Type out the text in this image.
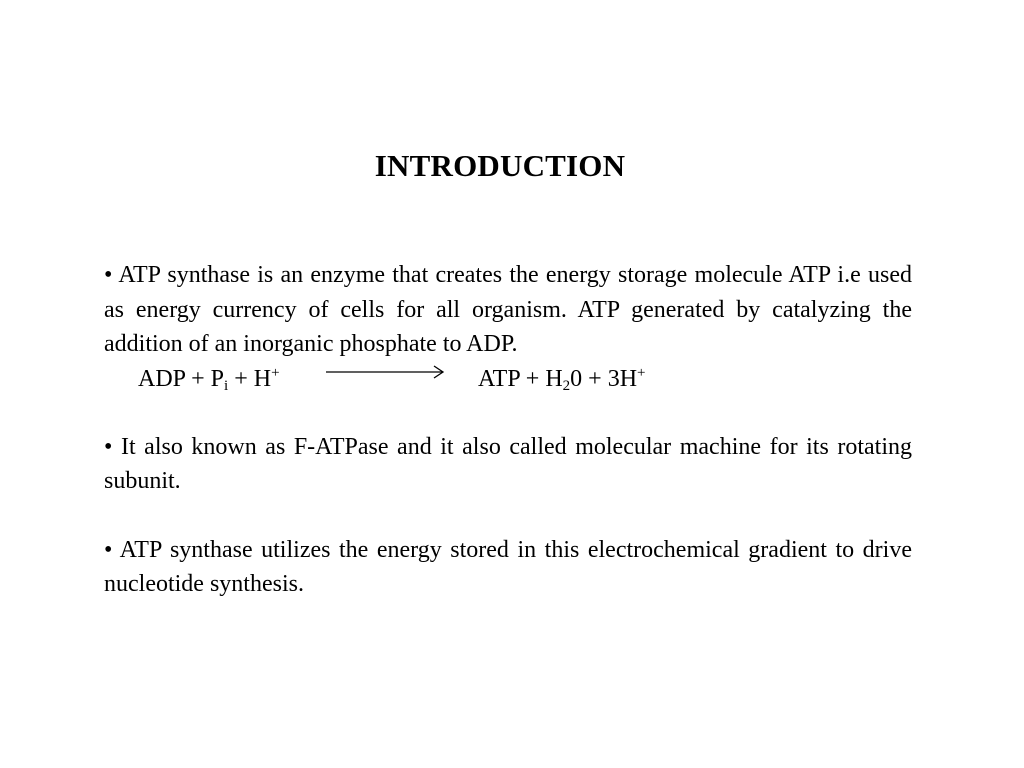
INTRODUCTION

• ATP synthase is an enzyme that creates the energy storage molecule ATP i.e used as energy currency of cells for all organism. ATP generated by catalyzing the addition of an inorganic phosphate to ADP.

ADP + $P_i + H^+$	ATP + $H_20 + 3H^+$

• It also known as F-ATPase and it also called molecular machine for its rotating subunit.

• ATP synthase utilizes the energy stored in this electrochemical gradient to drive nucleotide synthesis.
